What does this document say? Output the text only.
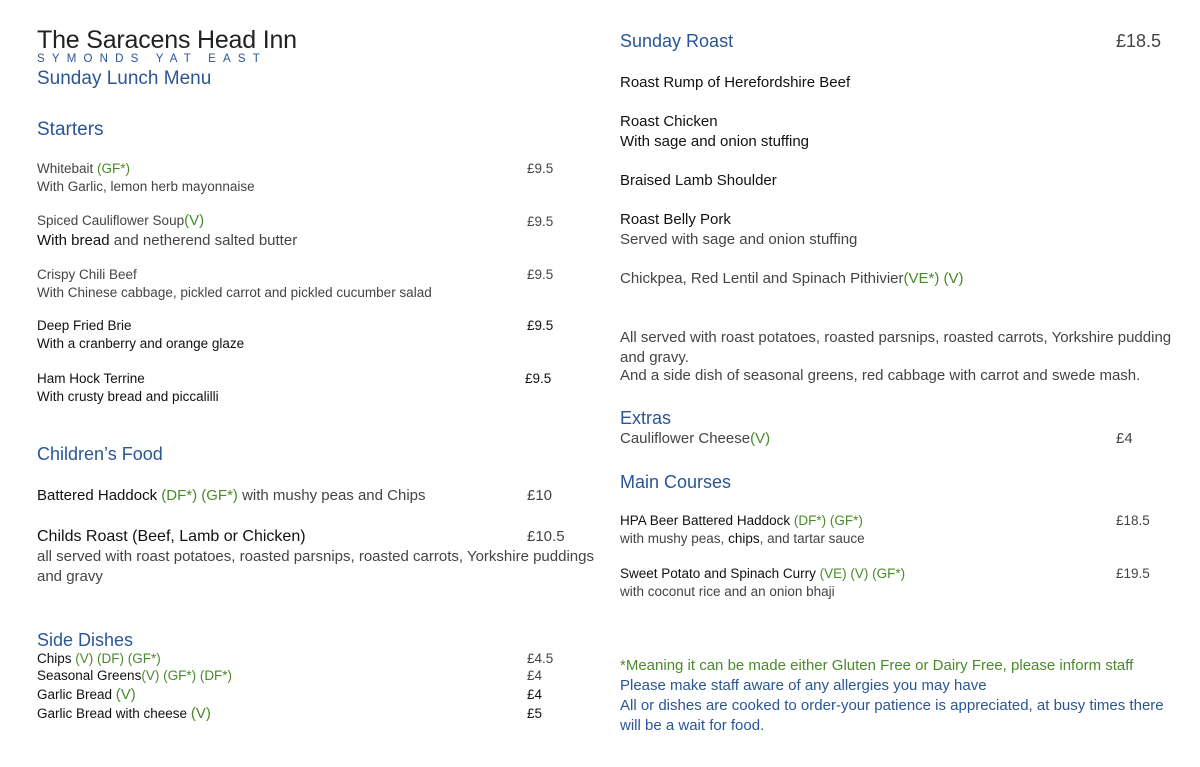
The Saracens Head Inn
SYMONDS YAT EAST
Sunday Lunch Menu
Starters
Whitebait (GF*)
With Garlic, lemon herb mayonnaise
£9.5
Spiced Cauliflower Soup(V)
With bread and netherend salted butter
£9.5
Crispy Chili Beef
With Chinese cabbage, pickled carrot and pickled cucumber salad
£9.5
Deep Fried Brie
With a cranberry and orange glaze
£9.5
Ham Hock Terrine
With crusty bread and piccalilli
£9.5
Children’s Food
Battered Haddock (DF*) (GF*) with mushy peas and Chips	£10
Childs Roast (Beef, Lamb or Chicken)	£10.5
all served with roast potatoes, roasted parsnips, roasted carrots, Yorkshire puddings and gravy
Side Dishes
Chips (V) (DF) (GF*)	£4.5
Seasonal Greens(V) (GF*) (DF*)	£4
Garlic Bread (V)	£4
Garlic Bread with cheese (V)	£5
Sunday Roast	£18.5
Roast Rump of Herefordshire Beef
Roast Chicken
With sage and onion stuffing
Braised Lamb Shoulder
Roast Belly Pork
Served with sage and onion stuffing
Chickpea, Red Lentil and Spinach Pithivier(VE*) (V)
All served with roast potatoes, roasted parsnips, roasted carrots, Yorkshire pudding and gravy.
And a side dish of seasonal greens, red cabbage with carrot and swede mash.
Extras
Cauliflower Cheese(V)	£4
Main Courses
HPA Beer Battered Haddock (DF*) (GF*)
with mushy peas, chips, and tartar sauce
£18.5
Sweet Potato and Spinach Curry (VE) (V) (GF*)
with coconut rice and an onion bhaji
£19.5
*Meaning it can be made either Gluten Free or Dairy Free, please inform staff
Please make staff aware of any allergies you may have
All or dishes are cooked to order-your patience is appreciated, at busy times there will be a wait for food.
